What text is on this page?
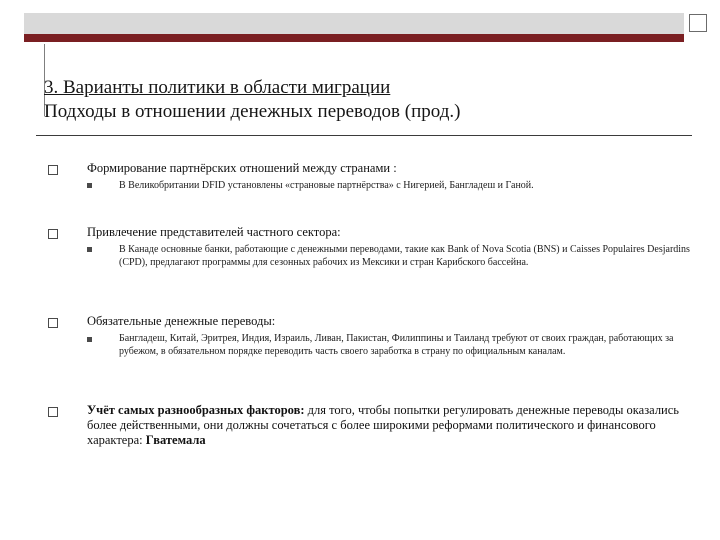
3. Варианты политики в области миграции
Подходы в отношении денежных переводов (прод.)
Формирование партнёрских отношений между странами :
В Великобритании DFID установлены «страновые партнёрства» с Нигерией, Бангладеш и Ганой.
Привлечение представителей частного сектора:
В Канаде основные банки, работающие с денежными переводами, такие как Bank of Nova Scotia (BNS) и Caisses Populaires Desjardins (CPD), предлагают программы для сезонных рабочих из Мексики и стран Карибского бассейна.
Обязательные денежные переводы:
Бангладеш, Китай, Эритрея, Индия, Израиль, Ливан, Пакистан, Филиппины и Таиланд требуют от своих граждан, работающих за рубежом, в обязательном порядке переводить часть своего заработка в страну по официальным каналам.
Учёт самых разнообразных факторов: для того, чтобы попытки регулировать денежные переводы оказались более действенными, они должны сочетаться с более широкими реформами политического и финансового характера: Гватемала
